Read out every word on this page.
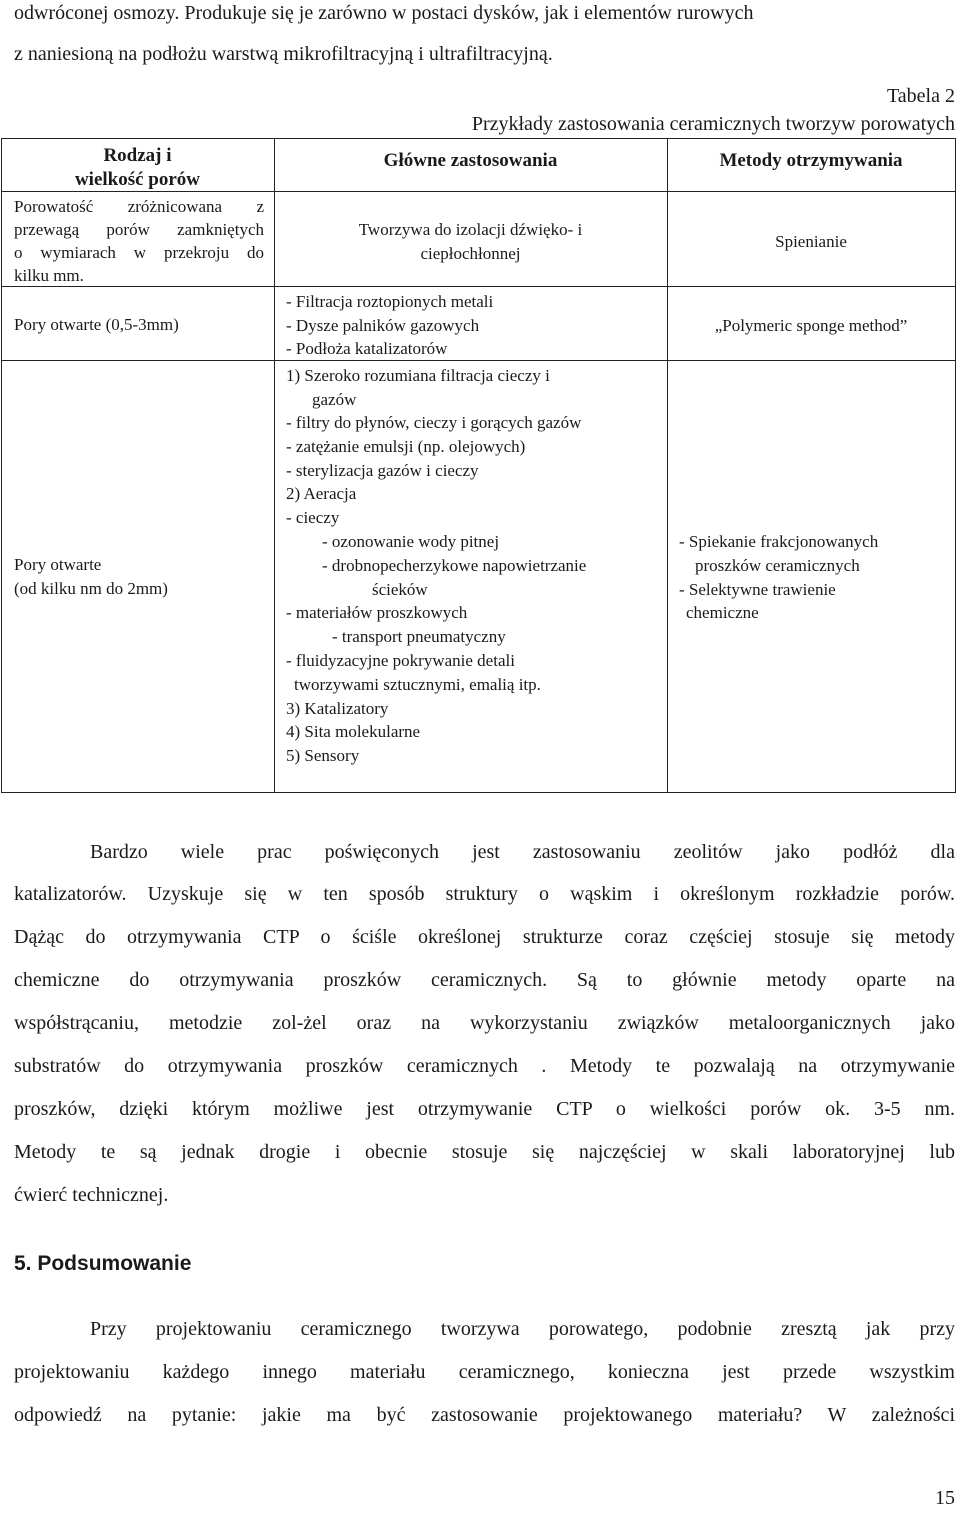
odwróconej osmozy. Produkuje się je zarówno w postaci dysków, jak i elementów rurowych
z naniesioną na podłożu warstwą mikrofiltracyjną i ultrafiltracyjną.
Tabela 2
Przykłady zastosowania ceramicznych tworzyw porowatych
Rodzaj i
wielkość porów
Główne zastosowania	Metody otrzymywania
Porowatość zróżnicowana z
przewagą porów zamkniętych
o wymiarach w przekroju do
kilku mm.
Tworzywa do izolacji dźwięko- i
ciepłochłonnej
Spienianie
Pory otwarte (0,5-3mm)
- Filtracja roztopionych metali
- Dysze palników gazowych
- Podłoża katalizatorów
„Polymeric sponge method”
Pory otwarte
(od kilku nm do 2mm)
1) Szeroko rozumiana filtracja cieczy i
gazów
- filtry do płynów, cieczy i gorących gazów
- zatężanie emulsji (np. olejowych)
- sterylizacja gazów i cieczy
2) Aeracja
- cieczy
- ozonowanie wody pitnej
- drobnopecherzykowe napowietrzanie
ścieków
- materiałów proszkowych
- transport pneumatyczny
- fluidyzacyjne pokrywanie detali
tworzywami sztucznymi, emalią itp.
3) Katalizatory
4) Sita molekularne
5) Sensory
- Spiekanie frakcjonowanych
proszków ceramicznych
- Selektywne trawienie
chemiczne
Bardzo wiele prac poświęconych jest zastosowaniu zeolitów jako podłóż dla
katalizatorów. Uzyskuje się w ten sposób struktury o wąskim i określonym rozkładzie porów.
Dążąc do otrzymywania CTP o ściśle określonej strukturze coraz częściej stosuje się metody
chemiczne do otrzymywania proszków ceramicznych. Są to głównie metody oparte na
współstrącaniu, metodzie zol-żel oraz na wykorzystaniu związków metaloorganicznych jako
substratów do otrzymywania proszków ceramicznych . Metody te pozwalają na otrzymywanie
proszków, dzięki którym możliwe jest otrzymywanie CTP o wielkości porów ok. 3-5 nm.
Metody te są jednak drogie i obecnie stosuje się najczęściej w skali laboratoryjnej lub
ćwierć technicznej.
5. Podsumowanie
Przy projektowaniu ceramicznego tworzywa porowatego, podobnie zresztą jak przy
projektowaniu każdego innego materiału ceramicznego, konieczna jest przede wszystkim
odpowiedź na pytanie: jakie ma być zastosowanie projektowanego materiału? W zależności
15
